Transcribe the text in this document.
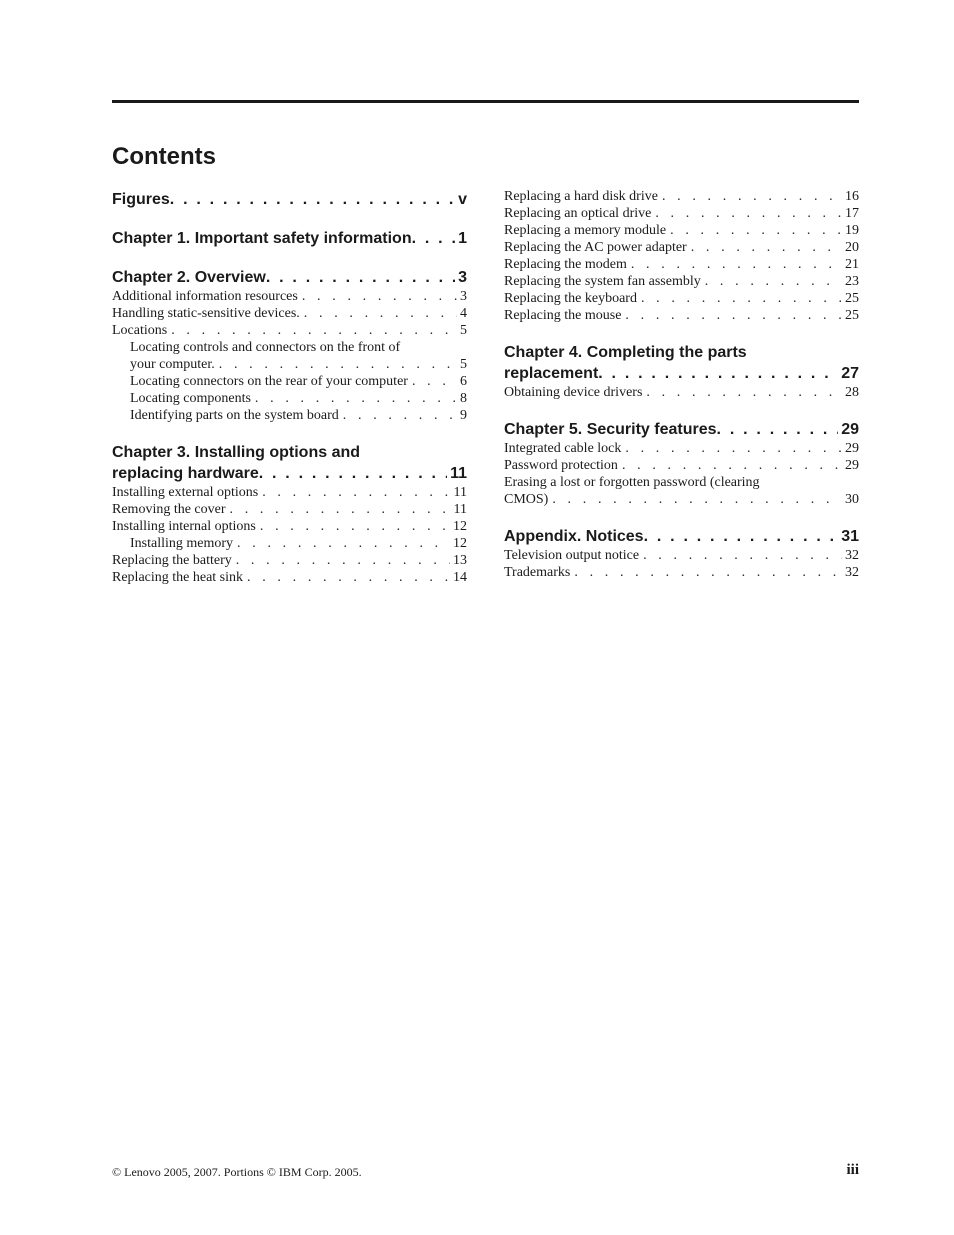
Contents
Figures . . .	v
Chapter 1. Important safety information . . .	1
Chapter 2. Overview . . .	3
Additional information resources . . .	3
Handling static-sensitive devices. . . .	4
Locations . . .	5
Locating controls and connectors on the front of
your computer. . . .	5
Locating connectors on the rear of your computer . . .	6
Locating components . . .	8
Identifying parts on the system board . . .	9
Chapter 3. Installing options and
replacing hardware . . .	11
Installing external options . . .	11
Removing the cover . . .	11
Installing internal options . . .	12
Installing memory . . .	12
Replacing the battery . . .	13
Replacing the heat sink . . .	14
Replacing a hard disk drive . . .	16
Replacing an optical drive . . .	17
Replacing a memory module . . .	19
Replacing the AC power adapter . . .	20
Replacing the modem . . .	21
Replacing the system fan assembly . . .	23
Replacing the keyboard . . .	25
Replacing the mouse . . .	25
Chapter 4. Completing the parts
replacement . . .	27
Obtaining device drivers . . .	28
Chapter 5. Security features . . .	29
Integrated cable lock . . .	29
Password protection . . .	29
Erasing a lost or forgotten password (clearing
CMOS) . . .	30
Appendix. Notices . . .	31
Television output notice . . .	32
Trademarks . . .	32
© Lenovo 2005, 2007. Portions © IBM Corp. 2005.	iii
